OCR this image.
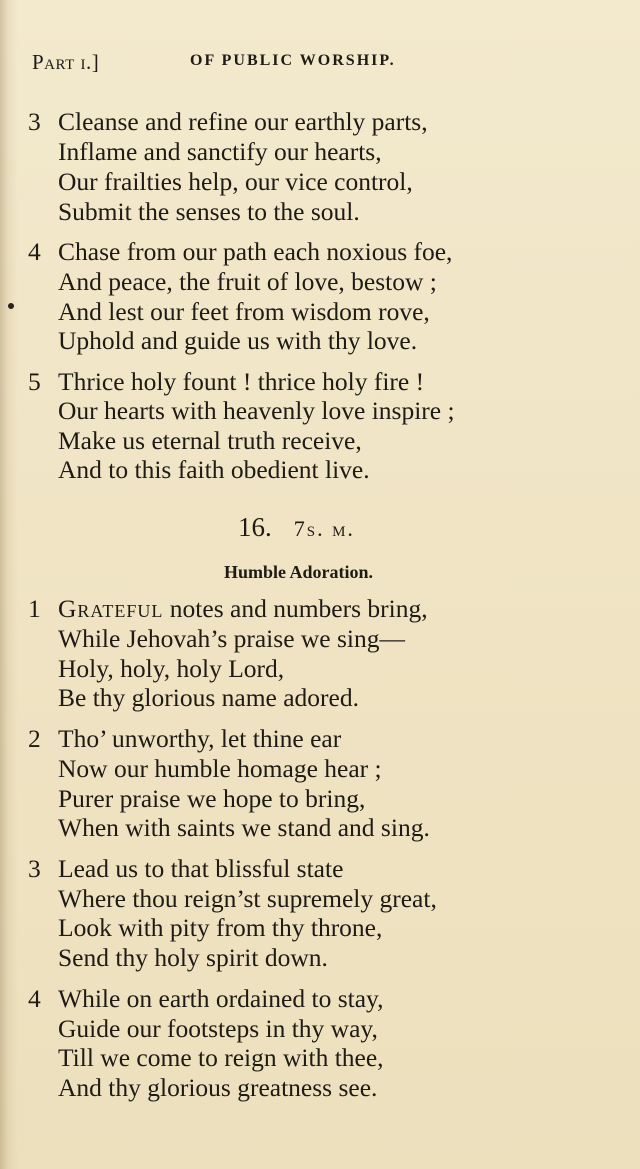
Part i.]	OF PUBLIC WORSHIP.
3 Cleanse and refine our earthly parts,
Inflame and sanctify our hearts,
Our frailties help, our vice control,
Submit the senses to the soul.
4 Chase from our path each noxious foe,
And peace, the fruit of love, bestow ;
And lest our feet from wisdom rove,
Uphold and guide us with thy love.
5 Thrice holy fount ! thrice holy fire !
Our hearts with heavenly love inspire ;
Make us eternal truth receive,
And to this faith obedient live.
16. 7s. m.
Humble Adoration.
1 Grateful notes and numbers bring,
While Jehovah’s praise we sing—
Holy, holy, holy Lord,
Be thy glorious name adored.
2 Tho’ unworthy, let thine ear
Now our humble homage hear ;
Purer praise we hope to bring,
When with saints we stand and sing.
3 Lead us to that blissful state
Where thou reign’st supremely great,
Look with pity from thy throne,
Send thy holy spirit down.
4 While on earth ordained to stay,
Guide our footsteps in thy way,
Till we come to reign with thee,
And thy glorious greatness see.
